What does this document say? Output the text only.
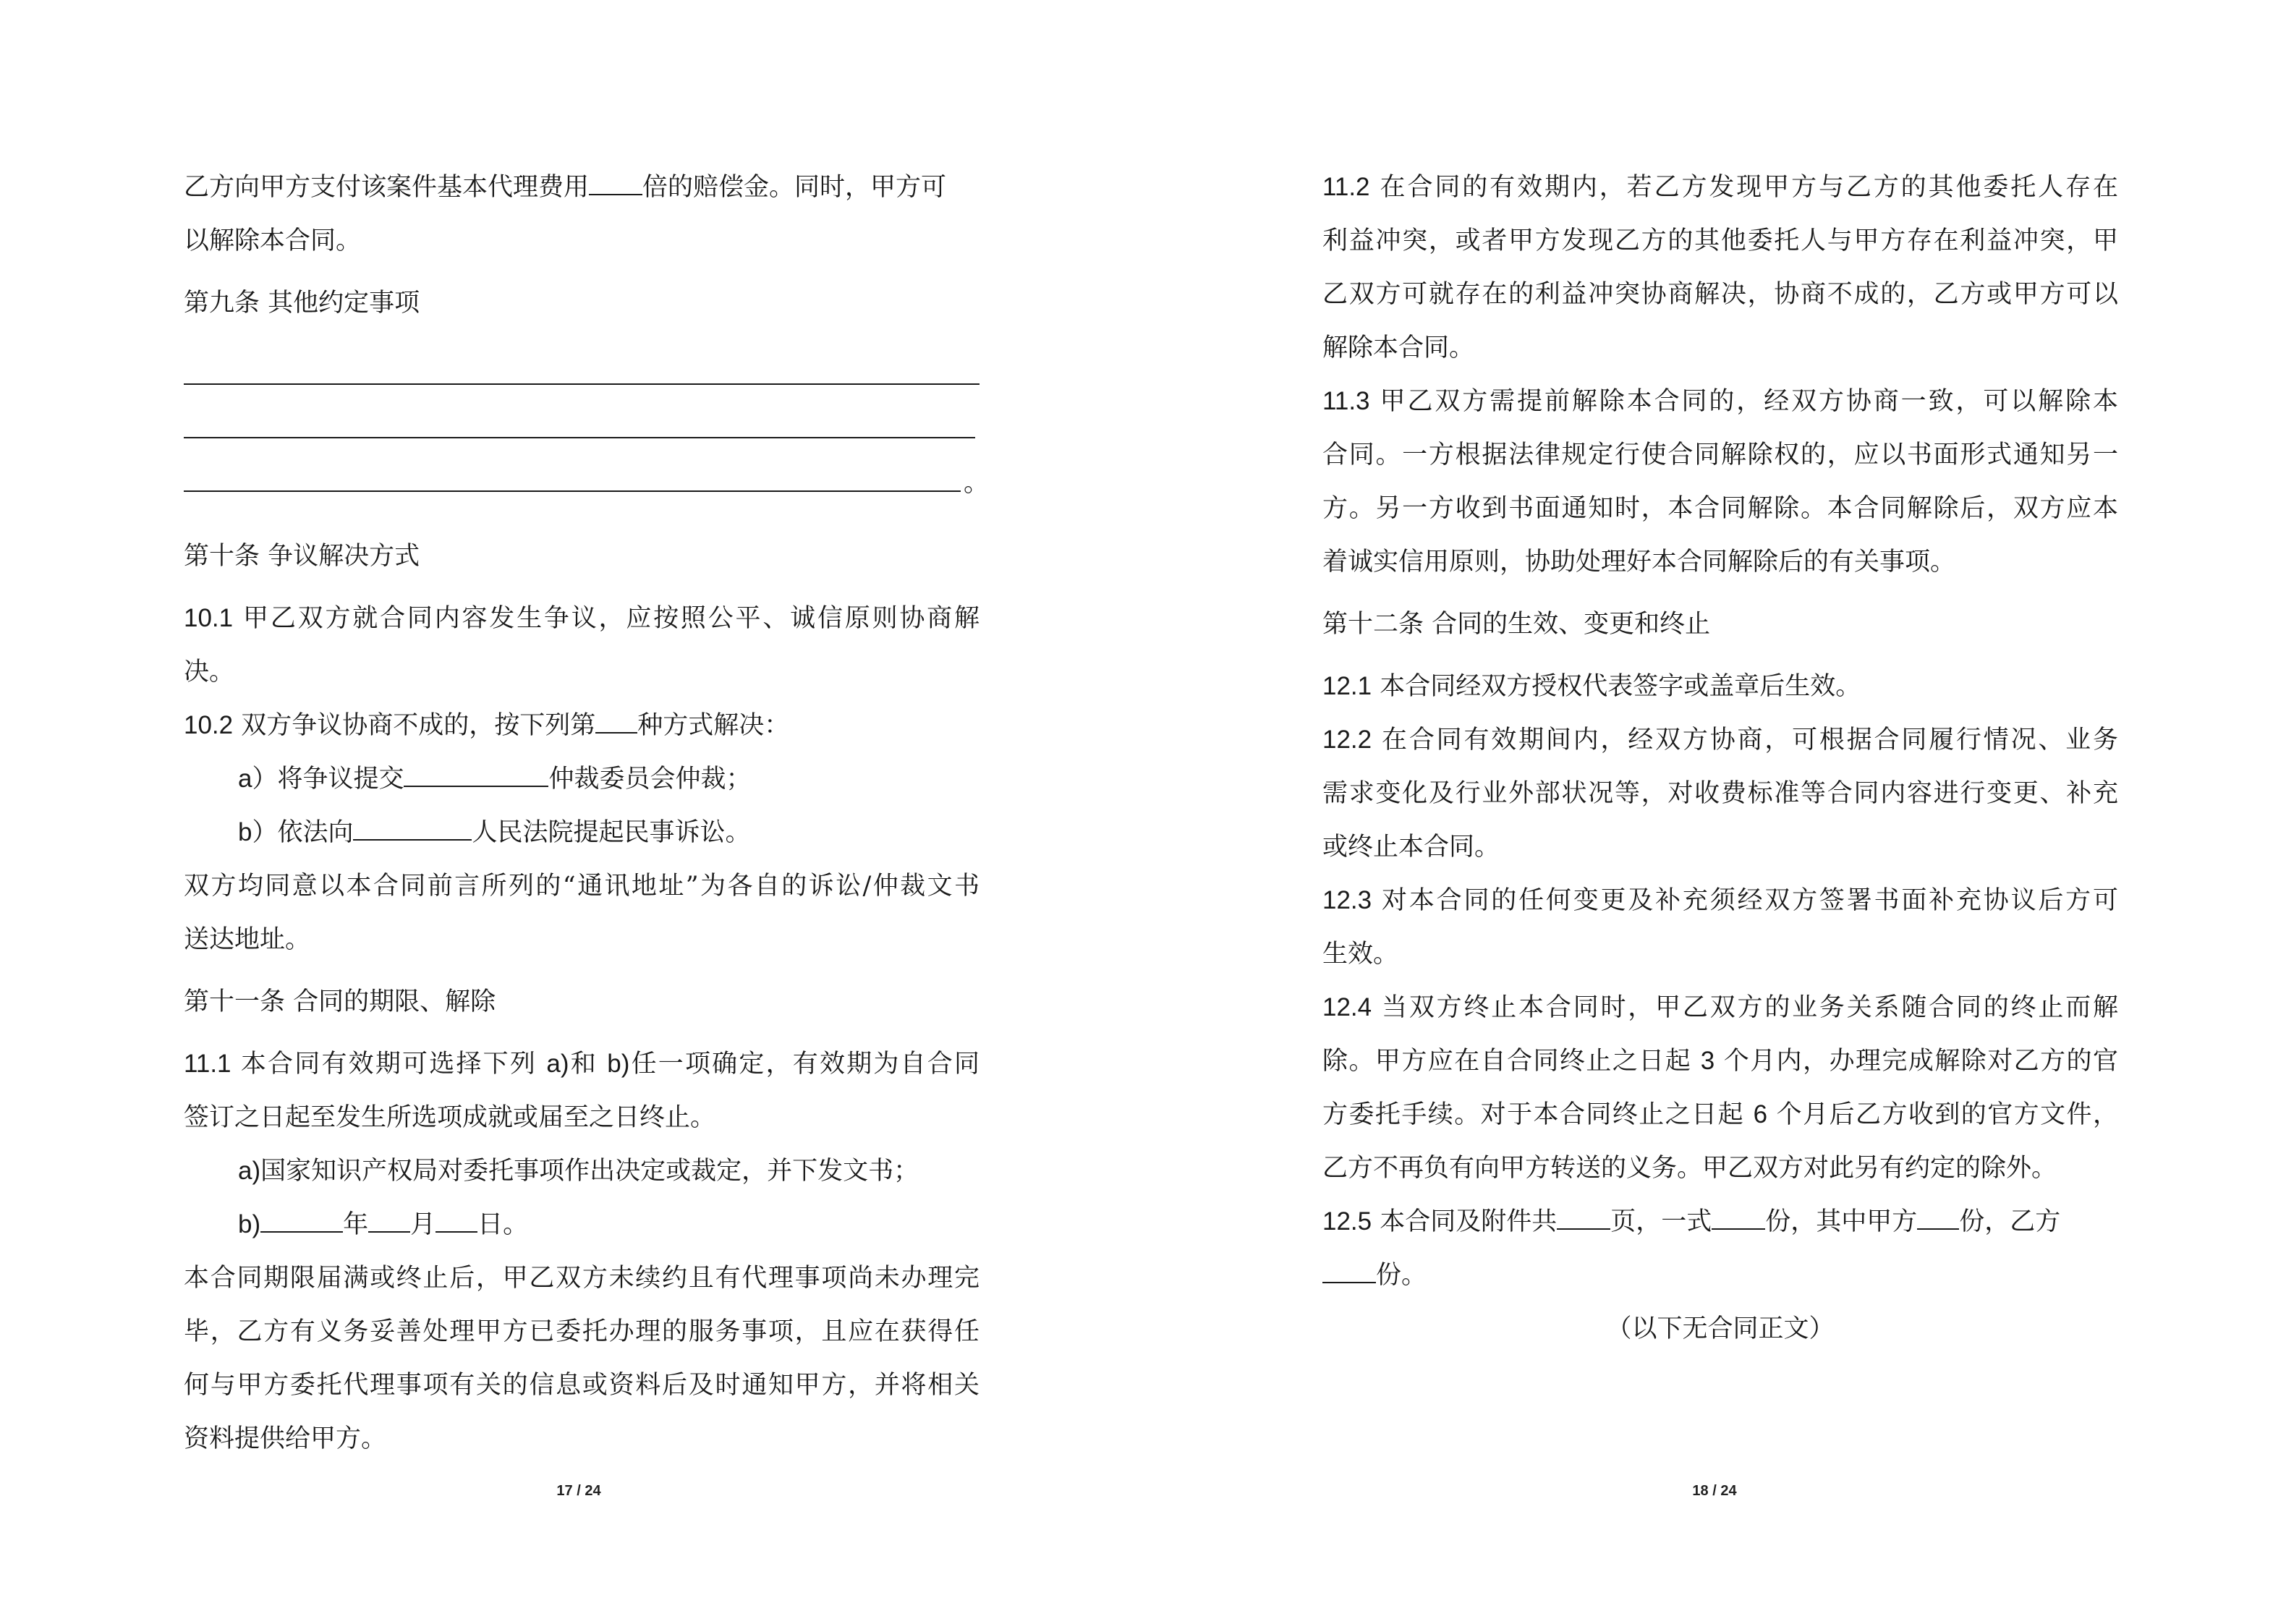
乙方向甲方支付该案件基本代理费用 倍的赔偿金。同时，甲方可
以解除本合同。
第九条 其他约定事项
。
第十条 争议解决方式
10.1 甲乙双方就合同内容发生争议，应按照公平、诚信原则协商解
决。
10.2 双方争议协商不成的，按下列第 种方式解决：
a）将争议提交	仲裁委员会仲裁；
b）依法向	人民法院提起民事诉讼。
双方均同意以本合同前言所列的“通讯地址”为各自的诉讼/仲裁文书
送达地址。
第十一条 合同的期限、解除
11.1 本合同有效期可选择下列 a)和 b)任一项确定，有效期为自合同
签订之日起至发生所选项成就或届至之日终止。
a)国家知识产权局对委托事项作出决定或裁定，并下发文书；
b)	年 月 日。
本合同期限届满或终止后，甲乙双方未续约且有代理事项尚未办理完
毕，乙方有义务妥善处理甲方已委托办理的服务事项，且应在获得任
何与甲方委托代理事项有关的信息或资料后及时通知甲方，并将相关
资料提供给甲方。
17 / 24
11.2 在合同的有效期内，若乙方发现甲方与乙方的其他委托人存在
利益冲突，或者甲方发现乙方的其他委托人与甲方存在利益冲突，甲
乙双方可就存在的利益冲突协商解决，协商不成的，乙方或甲方可以
解除本合同。
11.3 甲乙双方需提前解除本合同的，经双方协商一致，可以解除本
合同。一方根据法律规定行使合同解除权的，应以书面形式通知另一
方。另一方收到书面通知时，本合同解除。本合同解除后，双方应本
着诚实信用原则，协助处理好本合同解除后的有关事项。
第十二条 合同的生效、变更和终止
12.1 本合同经双方授权代表签字或盖章后生效。
12.2 在合同有效期间内，经双方协商，可根据合同履行情况、业务
需求变化及行业外部状况等，对收费标准等合同内容进行变更、补充
或终止本合同。
12.3 对本合同的任何变更及补充须经双方签署书面补充协议后方可
生效。
12.4 当双方终止本合同时，甲乙双方的业务关系随合同的终止而解
除。甲方应在自合同终止之日起 3 个月内，办理完成解除对乙方的官
方委托手续。对于本合同终止之日起 6 个月后乙方收到的官方文件，
乙方不再负有向甲方转送的义务。甲乙双方对此另有约定的除外。
12.5 本合同及附件共 页，一式 份，其中甲方 份，乙方
份。
（以下无合同正文）
18 / 24
